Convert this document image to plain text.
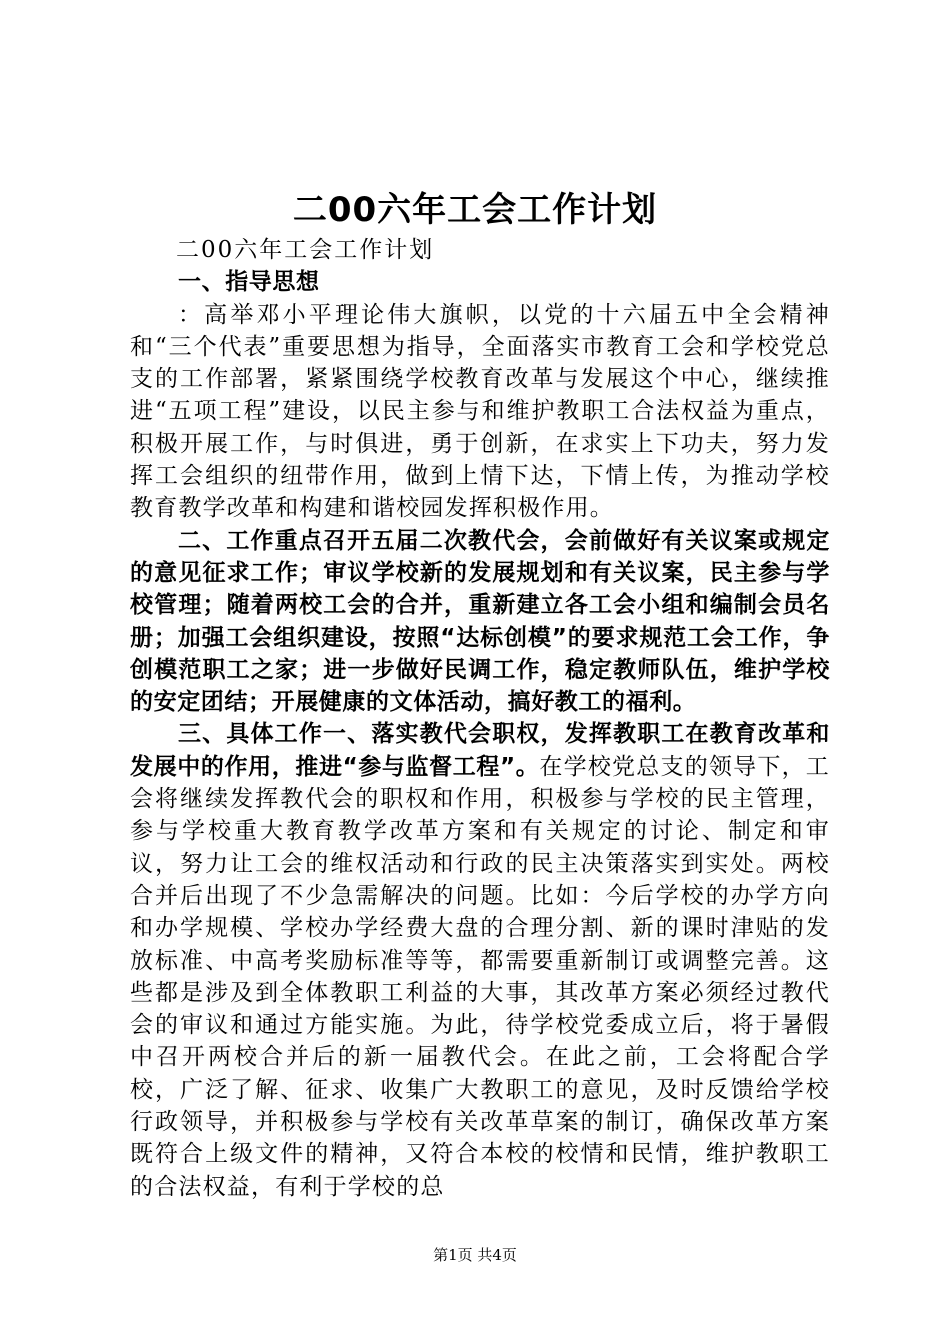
二00六年工会工作计划

二00六年工会工作计划

一、指导思想

：高举邓小平理论伟大旗帜，以党的十六届五中全会精神和“三个代表”重要思想为指导，全面落实市教育工会和学校党总支的工作部署，紧紧围绕学校教育改革与发展这个中心，继续推进“五项工程”建设，以民主参与和维护教职工合法权益为重点，积极开展工作，与时俱进，勇于创新，在求实上下功夫，努力发挥工会组织的纽带作用，做到上情下达，下情上传，为推动学校教育教学改革和构建和谐校园发挥积极作用。

二、工作重点召开五届二次教代会，会前做好有关议案或规定的意见征求工作；审议学校新的发展规划和有关议案，民主参与学校管理；随着两校工会的合并，重新建立各工会小组和编制会员名册；加强工会组织建设，按照“达标创模”的要求规范工会工作，争创模范职工之家；进一步做好民调工作，稳定教师队伍，维护学校的安定团结；开展健康的文体活动，搞好教工的福利。

三、具体工作一、落实教代会职权，发挥教职工在教育改革和发展中的作用，推进“参与监督工程”。在学校党总支的领导下，工会将继续发挥教代会的职权和作用，积极参与学校的民主管理，参与学校重大教育教学改革方案和有关规定的讨论、制定和审议，努力让工会的维权活动和行政的民主决策落实到实处。两校合并后出现了不少急需解决的问题。比如：今后学校的办学方向和办学规模、学校办学经费大盘的合理分割、新的课时津贴的发放标准、中高考奖励标准等等，都需要重新制订或调整完善。这些都是涉及到全体教职工利益的大事，其改革方案必须经过教代会的审议和通过方能实施。为此，待学校党委成立后，将于暑假中召开两校合并后的新一届教代会。在此之前，工会将配合学校，广泛了解、征求、收集广大教职工的意见，及时反馈给学校行政领导，并积极参与学校有关改革草案的制订，确保改革方案既符合上级文件的精神，又符合本校的校情和民情，维护教职工的合法权益，有利于学校的总

第1页 共4页
